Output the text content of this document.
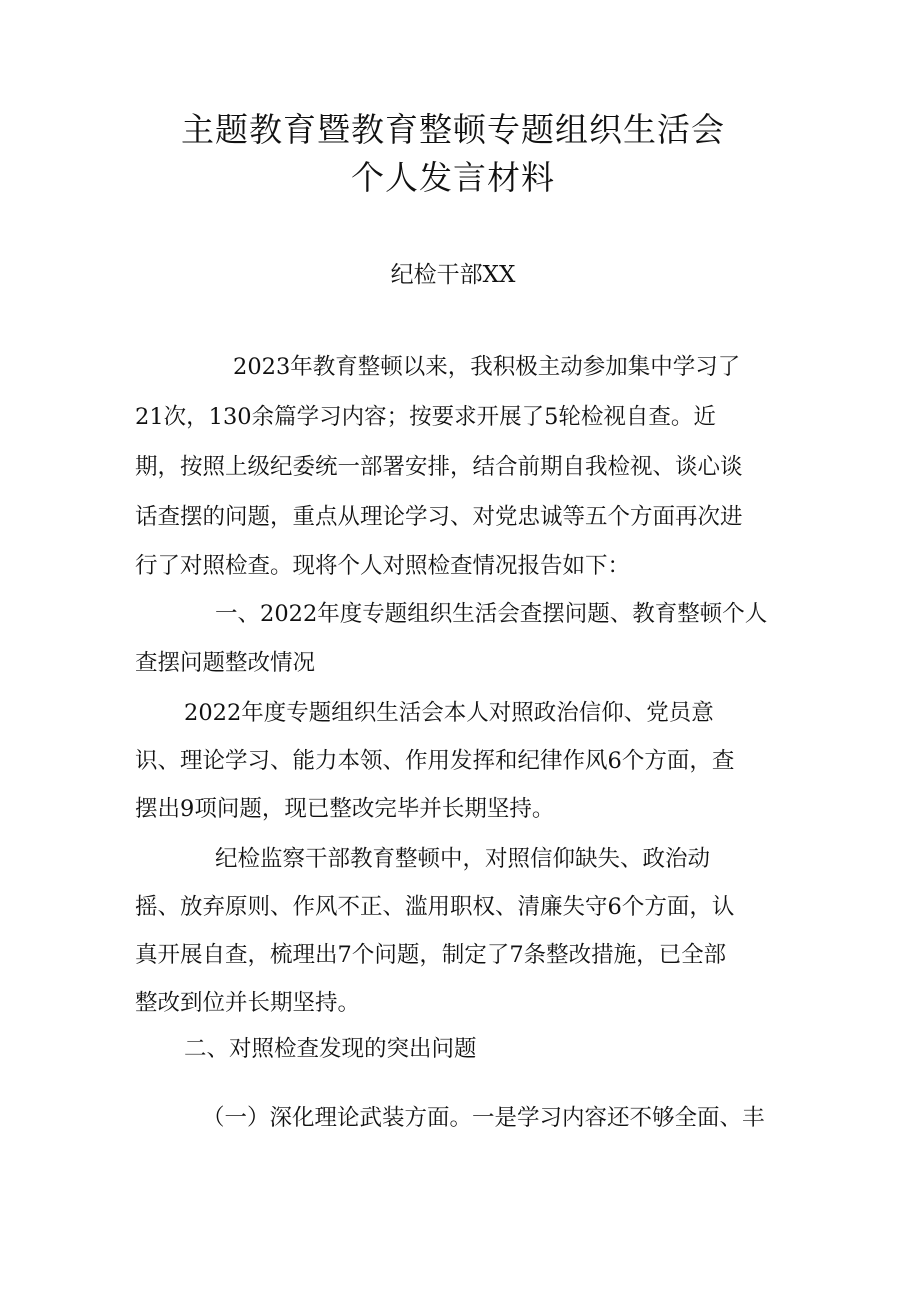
主题教育暨教育整顿专题组织生活会
个人发言材料
纪检干部XX
2023年教育整顿以来，我积极主动参加集中学习了
21次，130余篇学习内容；按要求开展了5轮检视自查。近
期，按照上级纪委统一部署安排，结合前期自我检视、谈心谈
话查摆的问题，重点从理论学习、对党忠诚等五个方面再次进
行了对照检查。现将个人对照检查情况报告如下：
一、2022年度专题组织生活会查摆问题、教育整顿个人
查摆问题整改情况
2022年度专题组织生活会本人对照政治信仰、党员意
识、理论学习、能力本领、作用发挥和纪律作风6个方面，查
摆出9项问题，现已整改完毕并长期坚持。
纪检监察干部教育整顿中，对照信仰缺失、政治动
摇、放弃原则、作风不正、滥用职权、清廉失守6个方面，认
真开展自查，梳理出7个问题，制定了7条整改措施，已全部
整改到位并长期坚持。
二、对照检查发现的突出问题
（一）深化理论武装方面。一是学习内容还不够全面、丰
